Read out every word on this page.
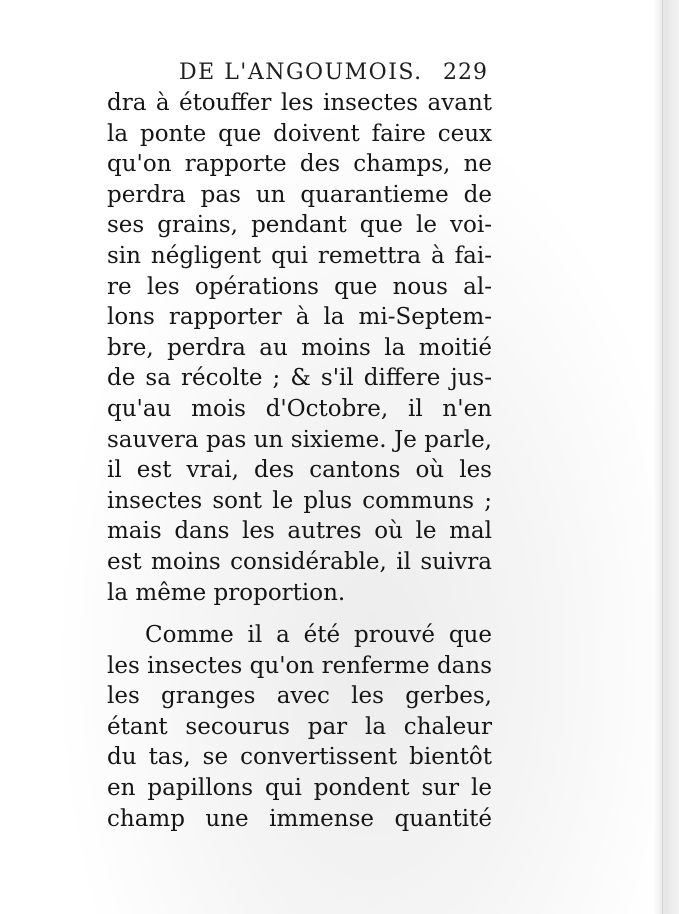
DE L'ANGOUMOIS. 229
dra à étouffer les insectes avant
la ponte que doivent faire ceux
qu'on rapporte des champs, ne
perdra pas un quarantieme de
ses grains, pendant que le voi-
sin négligent qui remettra à fai-
re les opérations que nous al-
lons rapporter à la mi-Septem-
bre, perdra au moins la moitié
de sa récolte ; & s'il differe jus-
qu'au mois d'Octobre, il n'en
sauvera pas un sixieme. Je parle,
il est vrai, des cantons où les
insectes sont le plus communs ;
mais dans les autres où le mal
est moins considérable, il suivra
la même proportion.
Comme il a été prouvé que
les insectes qu'on renferme dans
les granges avec les gerbes,
étant secourus par la chaleur
du tas, se convertissent bientôt
en papillons qui pondent sur le
champ une immense quantité
